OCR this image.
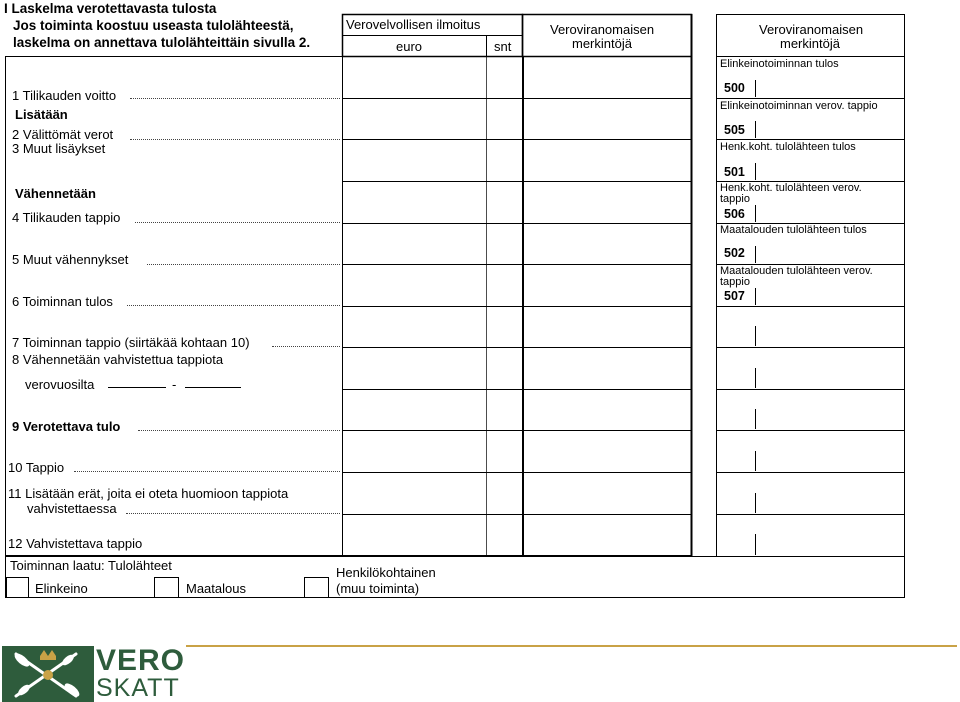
I Laskelma verotettavasta tulosta
Jos toiminta koostuu useasta tulolähteestä,
laskelma on annettava tulolähteittäin sivulla 2.
Verovelvollisen ilmoitus
euro	snt
Veroviranomaisen
merkintöjä
1 Tilikauden voitto
Lisätään
2 Välittömät verot
3 Muut lisäykset
Vähennetään
4 Tilikauden tappio
5 Muut vähennykset
6 Toiminnan tulos
7 Toiminnan tappio (siirtäkää kohtaan 10)
8 Vähennetään vahvistettua tappiota
verovuosilta	-
9 Verotettava tulo
10 Tappio
11 Lisätään erät, joita ei oteta huomioon tappiota
vahvistettaessa
12 Vahvistettava tappio
Toiminnan laatu: Tulolähteet
Elinkeino	Maatalous
Henkilökohtainen
(muu toiminta)
Veroviranomaisen
merkintöjä
Elinkeinotoiminnan tulos
500
Elinkeinotoiminnan verov. tappio
505
Henk.koht. tulolähteen tulos
501
Henk.koht. tulolähteen verov.
tappio
506
Maatalouden tulolähteen tulos
502
Maatalouden tulolähteen verov.
tappio
507
VERO
SKATT
